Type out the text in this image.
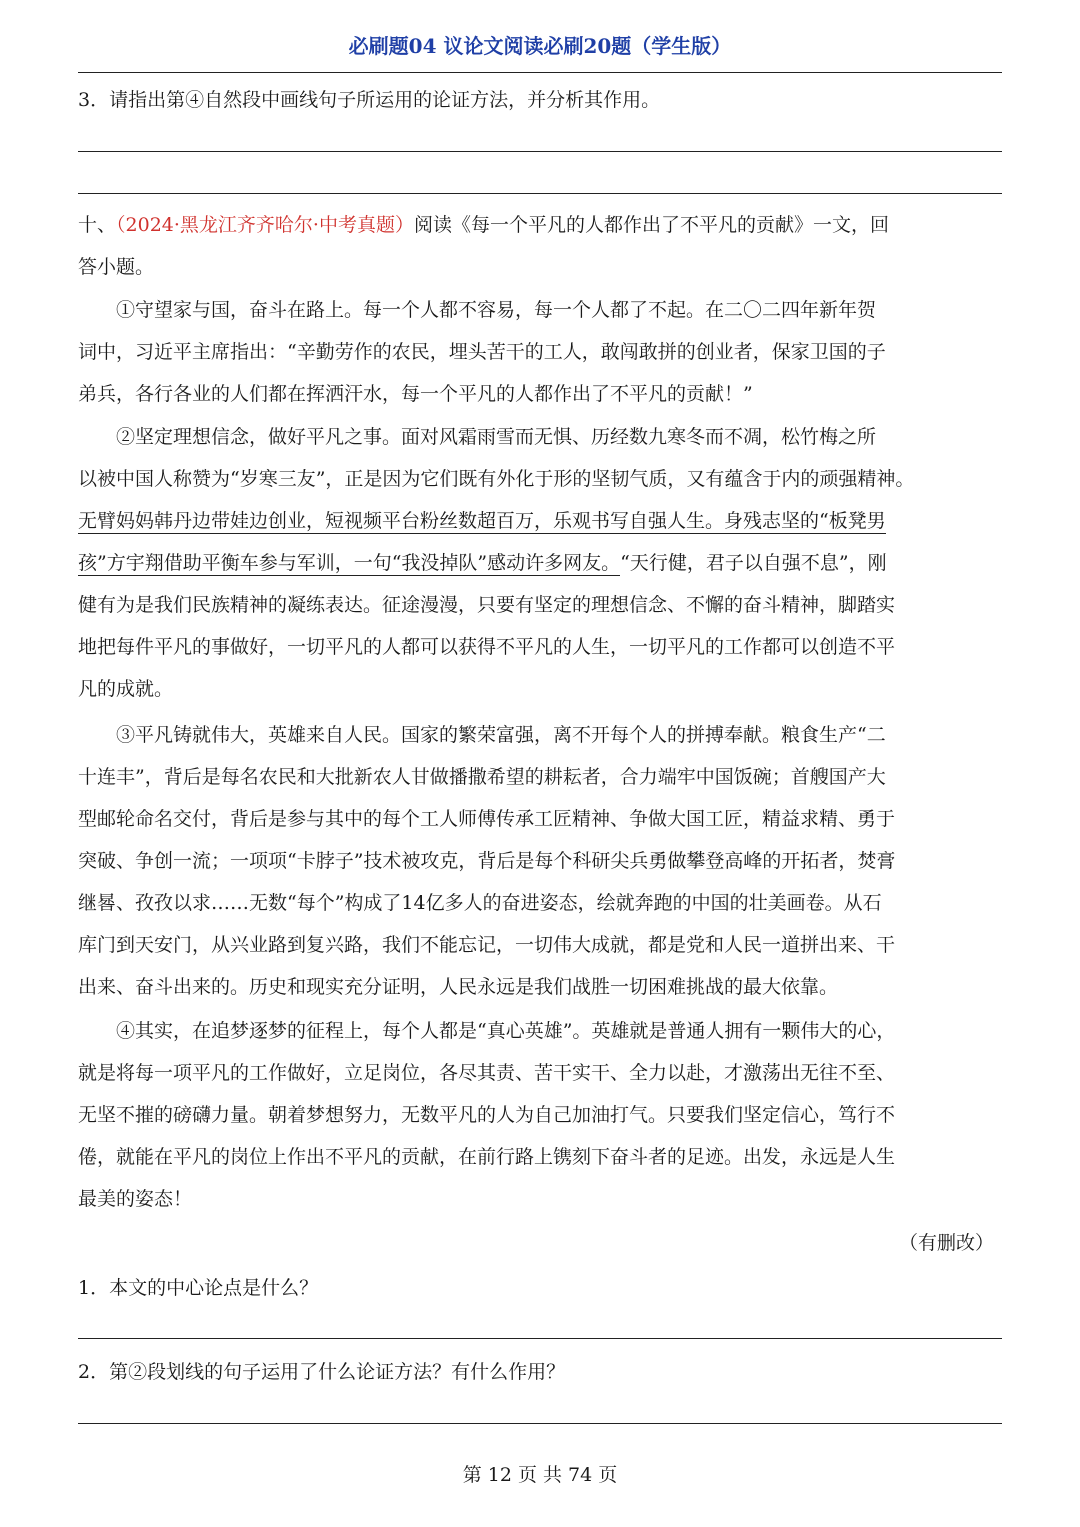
必刷题04 议论文阅读必刷20题（学生版）
3．请指出第④自然段中画线句子所运用的论证方法，并分析其作用。
十、（2024·黑龙江齐齐哈尔·中考真题）阅读《每一个平凡的人都作出了不平凡的贡献》一文，回
答小题。
①守望家与国，奋斗在路上。每一个人都不容易，每一个人都了不起。在二〇二四年新年贺
词中，习近平主席指出：“辛勤劳作的农民，埋头苦干的工人，敢闯敢拼的创业者，保家卫国的子
弟兵，各行各业的人们都在挥洒汗水，每一个平凡的人都作出了不平凡的贡献！”
②坚定理想信念，做好平凡之事。面对风霜雨雪而无惧、历经数九寒冬而不凋，松竹梅之所
以被中国人称赞为“岁寒三友”，正是因为它们既有外化于形的坚韧气质，又有蕴含于内的顽强精神。
无臂妈妈韩丹边带娃边创业，短视频平台粉丝数超百万，乐观书写自强人生。身残志坚的“板凳男
孩”方宇翔借助平衡车参与军训，一句“我没掉队”感动许多网友。“天行健，君子以自强不息”，刚
健有为是我们民族精神的凝练表达。征途漫漫，只要有坚定的理想信念、不懈的奋斗精神，脚踏实
地把每件平凡的事做好，一切平凡的人都可以获得不平凡的人生，一切平凡的工作都可以创造不平
凡的成就。
③平凡铸就伟大，英雄来自人民。国家的繁荣富强，离不开每个人的拼搏奉献。粮食生产“二
十连丰”，背后是每名农民和大批新农人甘做播撒希望的耕耘者，合力端牢中国饭碗；首艘国产大
型邮轮命名交付，背后是参与其中的每个工人师傅传承工匠精神、争做大国工匠，精益求精、勇于
突破、争创一流；一项项“卡脖子”技术被攻克，背后是每个科研尖兵勇做攀登高峰的开拓者，焚膏
继晷、孜孜以求……无数“每个”构成了14亿多人的奋进姿态，绘就奔跑的中国的壮美画卷。从石
库门到天安门，从兴业路到复兴路，我们不能忘记，一切伟大成就，都是党和人民一道拼出来、干
出来、奋斗出来的。历史和现实充分证明，人民永远是我们战胜一切困难挑战的最大依靠。
④其实，在追梦逐梦的征程上，每个人都是“真心英雄”。英雄就是普通人拥有一颗伟大的心，
就是将每一项平凡的工作做好，立足岗位，各尽其责、苦干实干、全力以赴，才激荡出无往不至、
无坚不摧的磅礴力量。朝着梦想努力，无数平凡的人为自己加油打气。只要我们坚定信心，笃行不
倦，就能在平凡的岗位上作出不平凡的贡献，在前行路上镌刻下奋斗者的足迹。出发，永远是人生
最美的姿态！
（有删改）
1．本文的中心论点是什么？
2．第②段划线的句子运用了什么论证方法？有什么作用？
第 12 页 共 74 页
